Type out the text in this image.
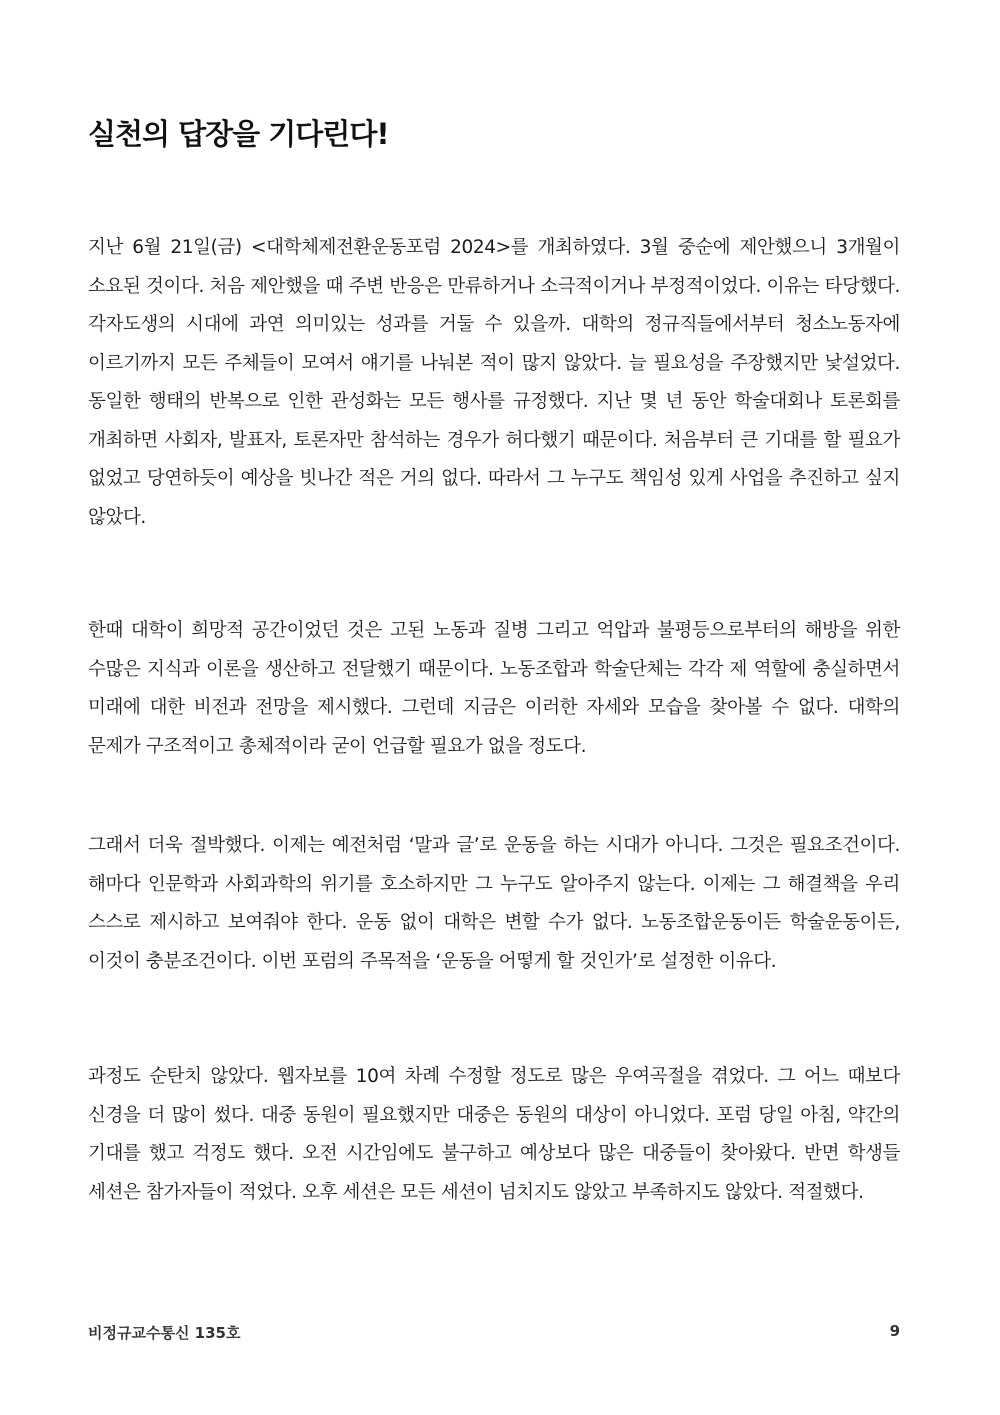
실천의 답장을 기다린다!

지난 6월 21일(금) <대학체제전환운동포럼 2024>를 개최하였다. 3월 중순에 제안했으니 3개월이 소요된 것이다. 처음 제안했을 때 주변 반응은 만류하거나 소극적이거나 부정적이었다. 이유는 타당했다. 각자도생의 시대에 과연 의미있는 성과를 거둘 수 있을까. 대학의 정규직들에서부터 청소노동자에 이르기까지 모든 주체들이 모여서 얘기를 나눠본 적이 많지 않았다. 늘 필요성을 주장했지만 낯설었다. 동일한 행태의 반복으로 인한 관성화는 모든 행사를 규정했다. 지난 몇 년 동안 학술대회나 토론회를 개최하면 사회자, 발표자, 토론자만 참석하는 경우가 허다했기 때문이다. 처음부터 큰 기대를 할 필요가 없었고 당연하듯이 예상을 빗나간 적은 거의 없다. 따라서 그 누구도 책임성 있게 사업을 추진하고 싶지 않았다.

한때 대학이 희망적 공간이었던 것은 고된 노동과 질병 그리고 억압과 불평등으로부터의 해방을 위한 수많은 지식과 이론을 생산하고 전달했기 때문이다. 노동조합과 학술단체는 각각 제 역할에 충실하면서 미래에 대한 비전과 전망을 제시했다. 그런데 지금은 이러한 자세와 모습을 찾아볼 수 없다. 대학의 문제가 구조적이고 총체적이라 굳이 언급할 필요가 없을 정도다.

그래서 더욱 절박했다. 이제는 예전처럼 ‘말과 글’로 운동을 하는 시대가 아니다. 그것은 필요조건이다. 해마다 인문학과 사회과학의 위기를 호소하지만 그 누구도 알아주지 않는다. 이제는 그 해결책을 우리 스스로 제시하고 보여줘야 한다. 운동 없이 대학은 변할 수가 없다. 노동조합운동이든 학술운동이든, 이것이 충분조건이다. 이번 포럼의 주목적을 ‘운동을 어떻게 할 것인가’로 설정한 이유다.

과정도 순탄치 않았다. 웹자보를 10여 차례 수정할 정도로 많은 우여곡절을 겪었다. 그 어느 때보다 신경을 더 많이 썼다. 대중 동원이 필요했지만 대중은 동원의 대상이 아니었다. 포럼 당일 아침, 약간의 기대를 했고 걱정도 했다. 오전 시간임에도 불구하고 예상보다 많은 대중들이 찾아왔다. 반면 학생들 세션은 참가자들이 적었다. 오후 세션은 모든 세션이 넘치지도 않았고 부족하지도 않았다. 적절했다.

비정규교수통신 135호	9
